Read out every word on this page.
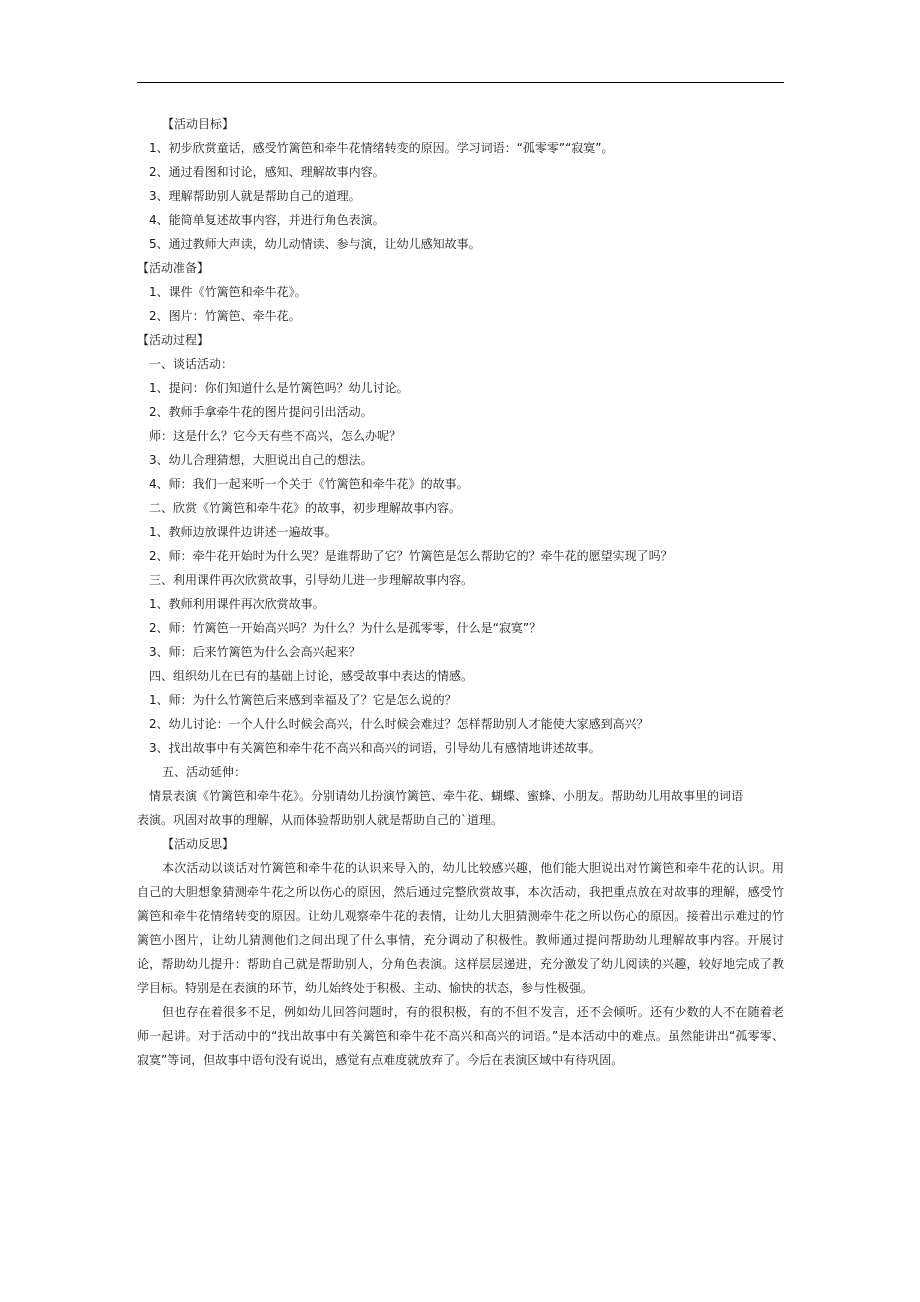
【活动目标】
1、初步欣赏童话，感受竹篱笆和牵牛花情绪转变的原因。学习词语：“孤零零”“寂寞”。
2、通过看图和讨论，感知、理解故事内容。
3、理解帮助别人就是帮助自己的道理。
4、能简单复述故事内容，并进行角色表演。
5、通过教师大声读，幼儿动情读、参与演，让幼儿感知故事。
【活动准备】
1、课件《竹篱笆和牵牛花》。
2、图片：竹篱笆、牵牛花。
【活动过程】
一、谈话活动：
1、提问：你们知道什么是竹篱笆吗？幼儿讨论。
2、教师手拿牵牛花的图片提问引出活动。
师：这是什么？它今天有些不高兴，怎么办呢？
3、幼儿合理猜想，大胆说出自己的想法。
4、师：我们一起来听一个关于《竹篱笆和牵牛花》的故事。
二、欣赏《竹篱笆和牵牛花》的故事，初步理解故事内容。
1、教师边放课件边讲述一遍故事。
2、师：牵牛花开始时为什么哭？是谁帮助了它？竹篱笆是怎么帮助它的？牵牛花的愿望实现了吗？
三、利用课件再次欣赏故事，引导幼儿进一步理解故事内容。
1、教师利用课件再次欣赏故事。
2、师：竹篱笆一开始高兴吗？为什么？为什么是孤零零，什么是“寂寞”？
3、师：后来竹篱笆为什么会高兴起来？
四、组织幼儿在已有的基础上讨论，感受故事中表达的情感。
1、师：为什么竹篱笆后来感到幸福及了？它是怎么说的？
2、幼儿讨论：一个人什么时候会高兴，什么时候会难过？怎样帮助别人才能使大家感到高兴？
3、找出故事中有关篱笆和牵牛花不高兴和高兴的词语，引导幼儿有感情地讲述故事。
五、活动延伸：
情景表演《竹篱笆和牵牛花》。分别请幼儿扮演竹篱笆、牵牛花、蝴蝶、蜜蜂、小朋友。帮助幼儿用故事里的词语
表演。巩固对故事的理解，从而体验帮助别人就是帮助自己的`道理。
【活动反思】

本次活动以谈话对竹篱笆和牵牛花的认识来导入的，幼儿比较感兴趣，他们能大胆说出对竹篱笆和牵牛花的认识。用自己的大胆想象猜测牵牛花之所以伤心的原因，然后通过完整欣赏故事，本次活动，我把重点放在对故事的理解，感受竹篱笆和牵牛花情绪转变的原因。让幼儿观察牵牛花的表情，让幼儿大胆猜测牵牛花之所以伤心的原因。接着出示难过的竹篱笆小图片，让幼儿猜测他们之间出现了什么事情，充分调动了积极性。教师通过提问帮助幼儿理解故事内容。开展讨论，帮助幼儿提升：帮助自己就是帮助别人，分角色表演。这样层层递进，充分激发了幼儿阅读的兴趣，较好地完成了教学目标。特别是在表演的环节，幼儿始终处于积极、主动、愉快的状态，参与性极强。

但也存在着很多不足，例如幼儿回答问题时，有的很积极，有的不但不发言，还不会倾听。还有少数的人不在随着老师一起讲。对于活动中的“找出故事中有关篱笆和牵牛花不高兴和高兴的词语。”是本活动中的难点。虽然能讲出“孤零零、寂寞”等词，但故事中语句没有说出，感觉有点难度就放弃了。今后在表演区域中有待巩固。
